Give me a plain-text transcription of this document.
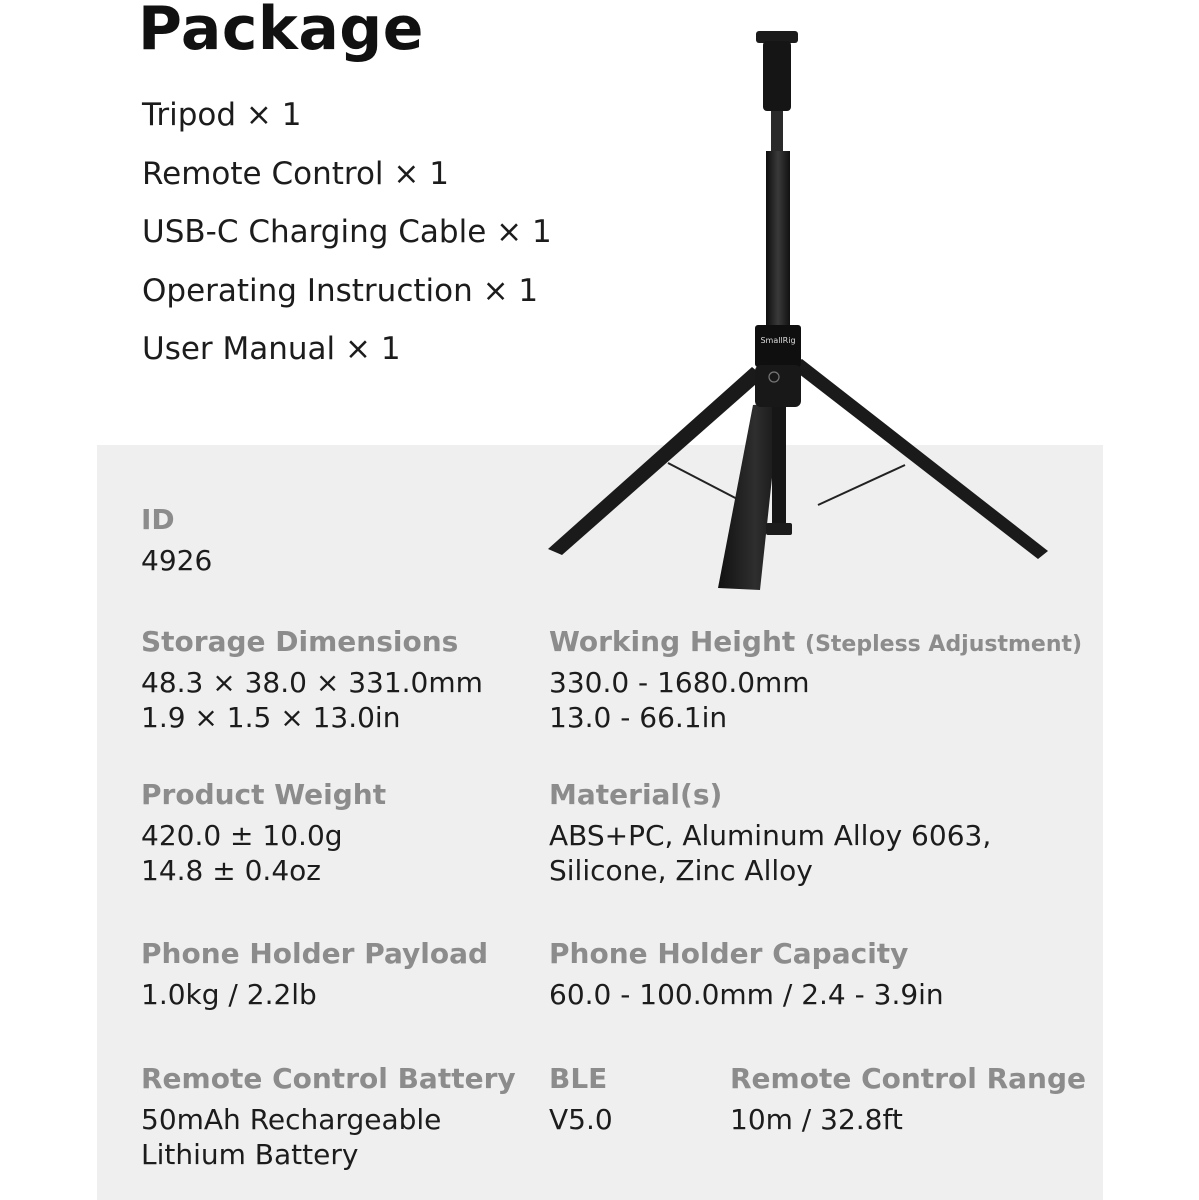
Package
Tripod × 1
Remote Control × 1
USB-C Charging Cable × 1
Operating Instruction × 1
User Manual × 1	SmallRig
ID
4926
Storage Dimensions
48.3 × 38.0 × 331.0mm
1.9 × 1.5 × 13.0in
Working Height (Stepless Adjustment)
330.0 - 1680.0mm
13.0 - 66.1in
Product Weight
420.0 ± 10.0g
14.8 ± 0.4oz
Material(s)
ABS+PC, Aluminum Alloy 6063,
Silicone, Zinc Alloy
Phone Holder Payload
1.0kg / 2.2lb
Phone Holder Capacity
60.0 - 100.0mm / 2.4 - 3.9in
Remote Control Battery
50mAh Rechargeable
Lithium Battery
BLE
V5.0
Remote Control Range
10m / 32.8ft
